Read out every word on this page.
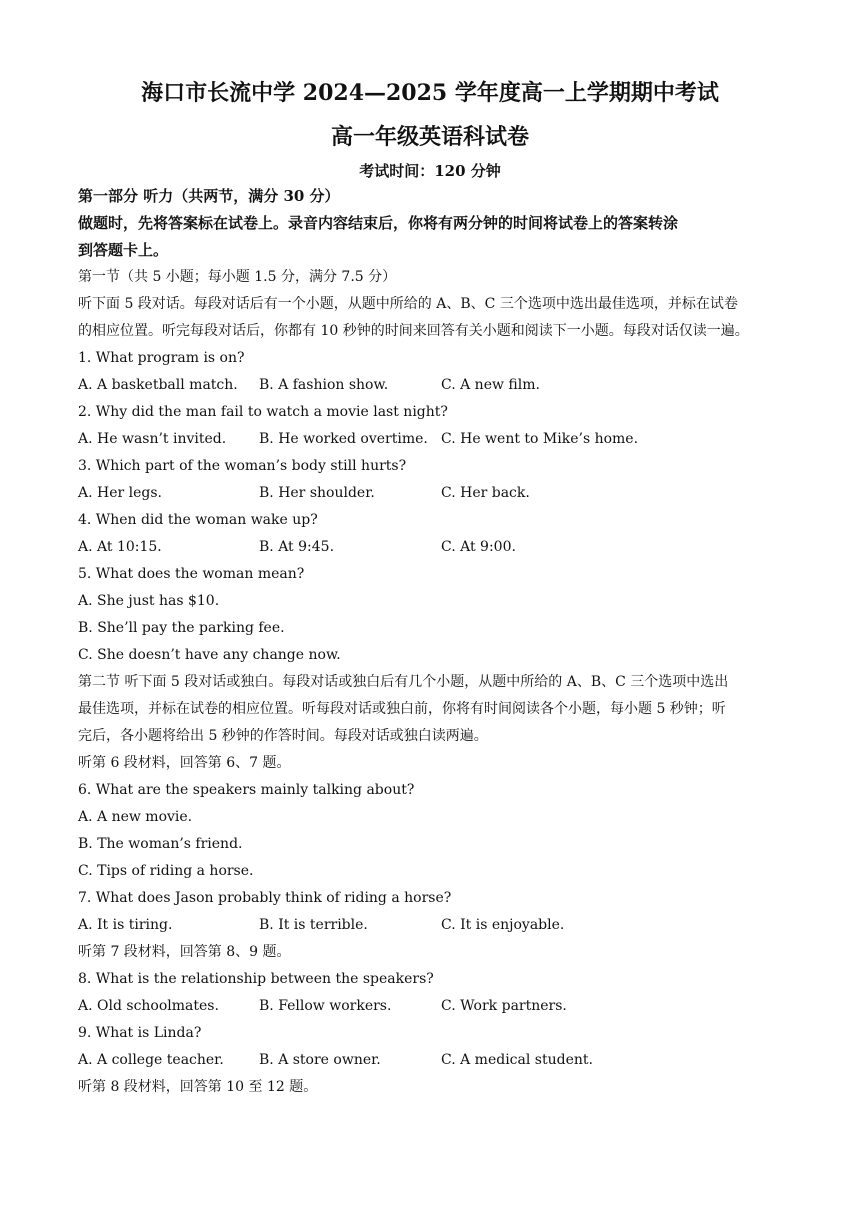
海口市长流中学 2024—2025 学年度高一上学期期中考试
高一年级英语科试卷
考试时间：120 分钟
第一部分 听力（共两节，满分 30 分）
做题时，先将答案标在试卷上。录音内容结束后，你将有两分钟的时间将试卷上的答案转涂
到答题卡上。
第一节（共 5 小题；每小题 1.5 分，满分 7.5 分）
听下面 5 段对话。每段对话后有一个小题，从题中所给的 A、B、C 三个选项中选出最佳选项，并标在试卷
的相应位置。听完每段对话后，你都有 10 秒钟的时间来回答有关小题和阅读下一小题。每段对话仅读一遍。
1. What program is on?
A. A basketball match. B. A fashion show.	C. A new film.
2. Why did the man fail to watch a movie last night?
A. He wasn’t invited. B. He worked overtime. C. He went to Mike’s home.
3. Which part of the woman’s body still hurts?
A. Her legs.	B. Her shoulder.	C. Her back.
4. When did the woman wake up?
A. At 10:15.	B. At 9:45.	C. At 9:00.
5. What does the woman mean?
A. She just has $10.
B. She’ll pay the parking fee.
C. She doesn’t have any change now.
第二节 听下面 5 段对话或独白。每段对话或独白后有几个小题，从题中所给的 A、B、C 三个选项中选出
最佳选项，并标在试卷的相应位置。听每段对话或独白前，你将有时间阅读各个小题，每小题 5 秒钟；听
完后，各小题将给出 5 秒钟的作答时间。每段对话或独白读两遍。
听第 6 段材料，回答第 6、7 题。
6. What are the speakers mainly talking about?
A. A new movie.
B. The woman’s friend.
C. Tips of riding a horse.
7. What does Jason probably think of riding a horse?
A. It is tiring.	B. It is terrible.	C. It is enjoyable.
听第 7 段材料，回答第 8、9 题。
8. What is the relationship between the speakers?
A. Old schoolmates.	B. Fellow workers.	C. Work partners.
9. What is Linda?
A. A college teacher.	B. A store owner.	C. A medical student.
听第 8 段材料，回答第 10 至 12 题。
